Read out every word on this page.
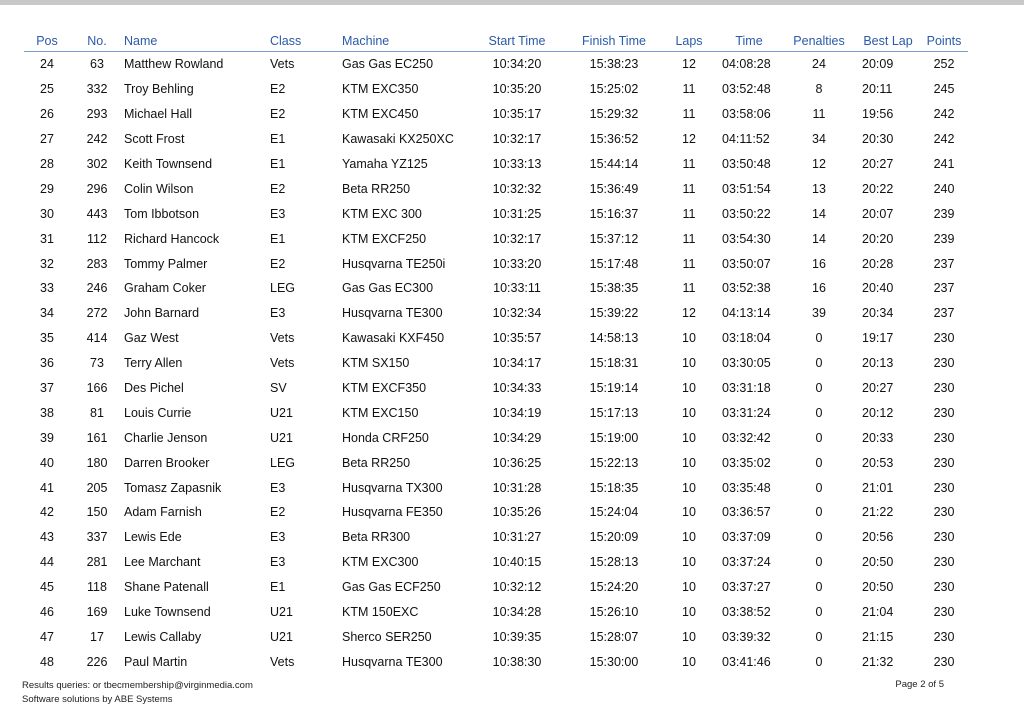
Pos	No.	Name	Class	Machine	Start Time	Finish Time	Laps	Time	Penalties	Best Lap	Points
24	63	Matthew Rowland	Vets	Gas Gas EC250	10:34:20	15:38:23	12	04:08:28	24	20:09	252
25	332	Troy Behling	E2	KTM EXC350	10:35:20	15:25:02	11	03:52:48	8	20:11	245
26	293	Michael Hall	E2	KTM EXC450	10:35:17	15:29:32	11	03:58:06	11	19:56	242
27	242	Scott Frost	E1	Kawasaki KX250XC	10:32:17	15:36:52	12	04:11:52	34	20:30	242
28	302	Keith Townsend	E1	Yamaha YZ125	10:33:13	15:44:14	11	03:50:48	12	20:27	241
29	296	Colin Wilson	E2	Beta RR250	10:32:32	15:36:49	11	03:51:54	13	20:22	240
30	443	Tom Ibbotson	E3	KTM EXC 300	10:31:25	15:16:37	11	03:50:22	14	20:07	239
31	112	Richard Hancock	E1	KTM EXCF250	10:32:17	15:37:12	11	03:54:30	14	20:20	239
32	283	Tommy Palmer	E2	Husqvarna TE250i	10:33:20	15:17:48	11	03:50:07	16	20:28	237
33	246	Graham Coker	LEG	Gas Gas EC300	10:33:11	15:38:35	11	03:52:38	16	20:40	237
34	272	John Barnard	E3	Husqvarna TE300	10:32:34	15:39:22	12	04:13:14	39	20:34	237
35	414	Gaz West	Vets	Kawasaki KXF450	10:35:57	14:58:13	10	03:18:04	0	19:17	230
36	73	Terry Allen	Vets	KTM SX150	10:34:17	15:18:31	10	03:30:05	0	20:13	230
37	166	Des Pichel	SV	KTM EXCF350	10:34:33	15:19:14	10	03:31:18	0	20:27	230
38	81	Louis Currie	U21	KTM EXC150	10:34:19	15:17:13	10	03:31:24	0	20:12	230
39	161	Charlie Jenson	U21	Honda CRF250	10:34:29	15:19:00	10	03:32:42	0	20:33	230
40	180	Darren Brooker	LEG	Beta RR250	10:36:25	15:22:13	10	03:35:02	0	20:53	230
41	205	Tomasz Zapasnik	E3	Husqvarna TX300	10:31:28	15:18:35	10	03:35:48	0	21:01	230
42	150	Adam Farnish	E2	Husqvarna FE350	10:35:26	15:24:04	10	03:36:57	0	21:22	230
43	337	Lewis Ede	E3	Beta RR300	10:31:27	15:20:09	10	03:37:09	0	20:56	230
44	281	Lee Marchant	E3	KTM EXC300	10:40:15	15:28:13	10	03:37:24	0	20:50	230
45	118	Shane Patenall	E1	Gas Gas ECF250	10:32:12	15:24:20	10	03:37:27	0	20:50	230
46	169	Luke Townsend	U21	KTM 150EXC	10:34:28	15:26:10	10	03:38:52	0	21:04	230
47	17	Lewis Callaby	U21	Sherco SER250	10:39:35	15:28:07	10	03:39:32	0	21:15	230
48	226	Paul Martin	Vets	Husqvarna TE300	10:38:30	15:30:00	10	03:41:46	0	21:32	230
Results queries: or tbecmembership@virginmedia.com
Software solutions by ABE Systems
Page 2 of 5
